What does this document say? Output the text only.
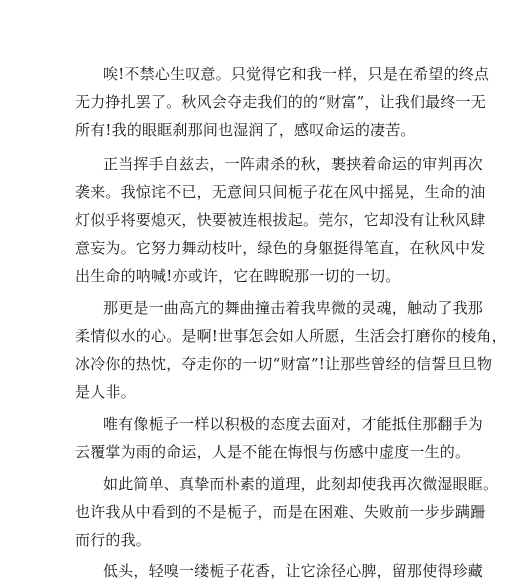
唉!不禁心生叹意。只觉得它和我一样，只是在希望的终点
无力挣扎罢了。秋风会夺走我们的的“财富”，让我们最终一无
所有!我的眼眶刹那间也湿润了，感叹命运的凄苦。
正当挥手自兹去，一阵肃杀的秋，裹挟着命运的审判再次
袭来。我惊诧不已，无意间只间栀子花在风中摇晃，生命的油
灯似乎将要熄灭，快要被连根拔起。莞尔，它却没有让秋风肆
意妄为。它努力舞动枝叶，绿色的身躯挺得笔直，在秋风中发
出生命的呐喊!亦或许，它在睥睨那一切的一切。
那更是一曲高亢的舞曲撞击着我卑微的灵魂，触动了我那
柔情似水的心。是啊!世事怎会如人所愿，生活会打磨你的棱角，
冰冷你的热忱，夺走你的一切“财富”!让那些曾经的信誓旦旦物
是人非。
唯有像栀子一样以积极的态度去面对，才能抵住那翻手为
云覆掌为雨的命运，人是不能在悔恨与伤感中虚度一生的。
如此简单、真挚而朴素的道理，此刻却使我再次微湿眼眶。
也许我从中看到的不是栀子，而是在困难、失败前一步步蹒跚
而行的我。
低头，轻嗅一缕栀子花香，让它涂径心脾，留那使得珍藏
